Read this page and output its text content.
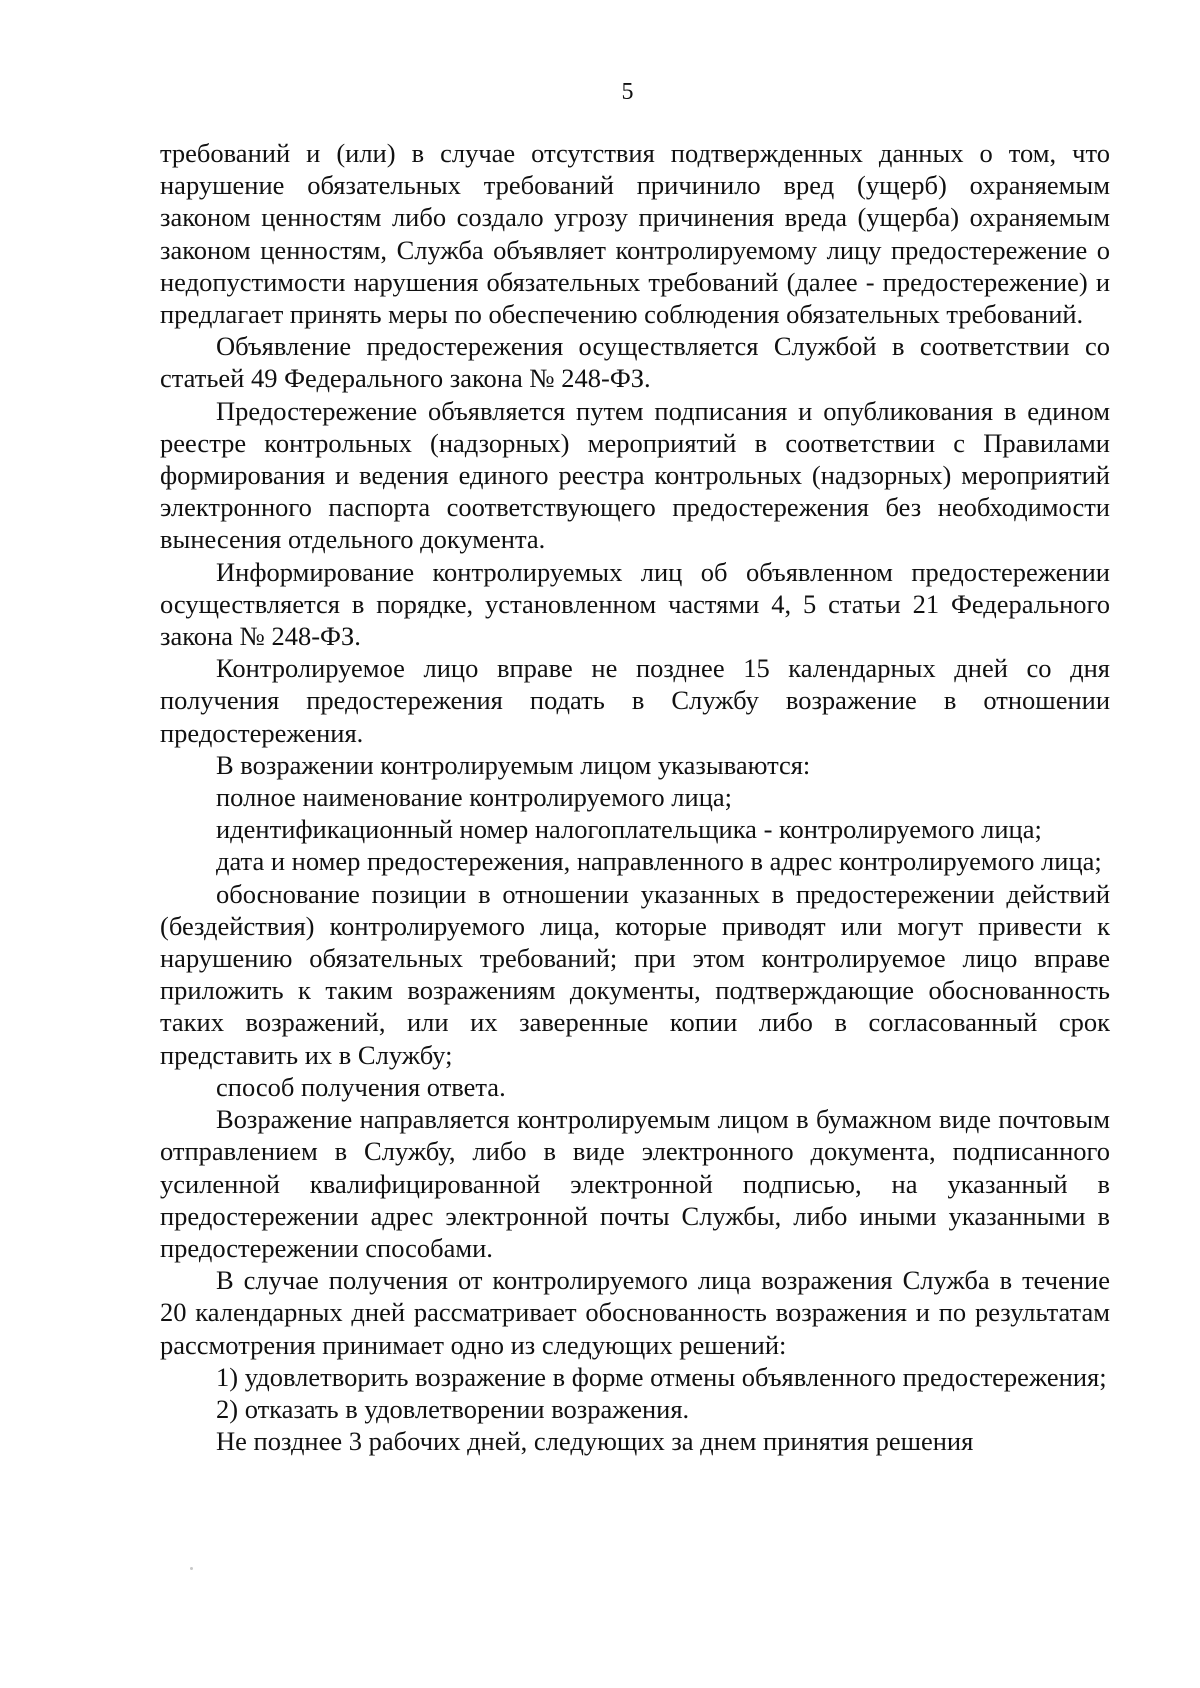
5

требований и (или) в случае отсутствия подтвержденных данных о том, что нарушение обязательных требований причинило вред (ущерб) охраняемым законом ценностям либо создало угрозу причинения вреда (ущерба) охраняемым законом ценностям, Служба объявляет контролируемому лицу предостережение о недопустимости нарушения обязательных требований (далее - предостережение) и предлагает принять меры по обеспечению соблюдения обязательных требований.

Объявление предостережения осуществляется Службой в соответствии со статьей 49 Федерального закона № 248-ФЗ.

Предостережение объявляется путем подписания и опубликования в едином реестре контрольных (надзорных) мероприятий в соответствии с Правилами формирования и ведения единого реестра контрольных (надзорных) мероприятий электронного паспорта соответствующего предостережения без необходимости вынесения отдельного документа.

Информирование контролируемых лиц об объявленном предостережении осуществляется в порядке, установленном частями 4, 5 статьи 21 Федерального закона № 248-ФЗ.

Контролируемое лицо вправе не позднее 15 календарных дней со дня получения предостережения подать в Службу возражение в отношении предостережения.

В возражении контролируемым лицом указываются:

полное наименование контролируемого лица;

идентификационный номер налогоплательщика - контролируемого лица;

дата и номер предостережения, направленного в адрес контролируемого лица;

обоснование позиции в отношении указанных в предостережении действий (бездействия) контролируемого лица, которые приводят или могут привести к нарушению обязательных требований; при этом контролируемое лицо вправе приложить к таким возражениям документы, подтверждающие обоснованность таких возражений, или их заверенные копии либо в согласованный срок представить их в Службу;

способ получения ответа.

Возражение направляется контролируемым лицом в бумажном виде почтовым отправлением в Службу, либо в виде электронного документа, подписанного усиленной квалифицированной электронной подписью, на указанный в предостережении адрес электронной почты Службы, либо иными указанными в предостережении способами.

В случае получения от контролируемого лица возражения Служба в течение 20 календарных дней рассматривает обоснованность возражения и по результатам рассмотрения принимает одно из следующих решений:

1) удовлетворить возражение в форме отмены объявленного предостережения;

2) отказать в удовлетворении возражения.

Не позднее 3 рабочих дней, следующих за днем принятия решения
